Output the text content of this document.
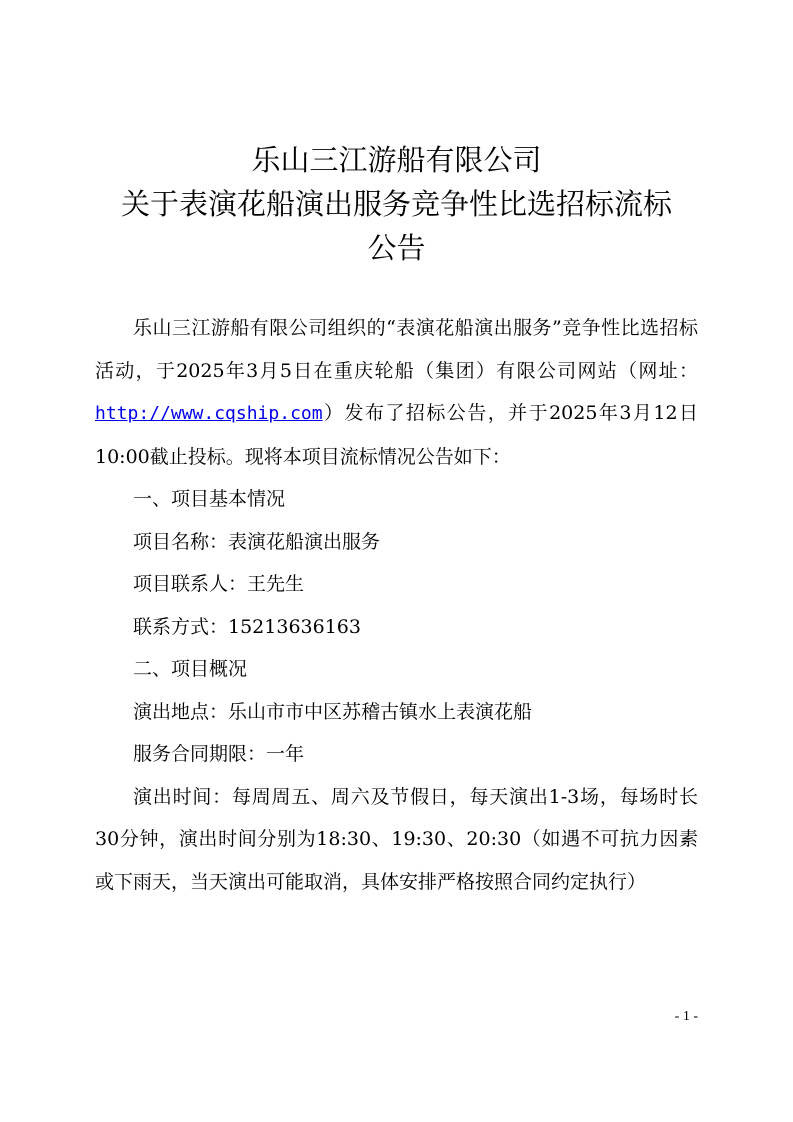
乐山三江游船有限公司
关于表演花船演出服务竞争性比选招标流标
公告

乐山三江游船有限公司组织的“表演花船演出服务”竞争性比选招标活动，于2025年3月5日在重庆轮船（集团）有限公司网站（网址：http://www.cqship.com）发布了招标公告，并于2025年3月12日10:00截止投标。现将本项目流标情况公告如下：

一、项目基本情况

项目名称：表演花船演出服务

项目联系人：王先生

联系方式：15213636163

二、项目概况

演出地点：乐山市市中区苏稽古镇水上表演花船

服务合同期限：一年

演出时间：每周周五、周六及节假日，每天演出1-3场，每场时长30分钟，演出时间分别为18:30、19:30、20:30（如遇不可抗力因素或下雨天，当天演出可能取消，具体安排严格按照合同约定执行）

- 1 -
